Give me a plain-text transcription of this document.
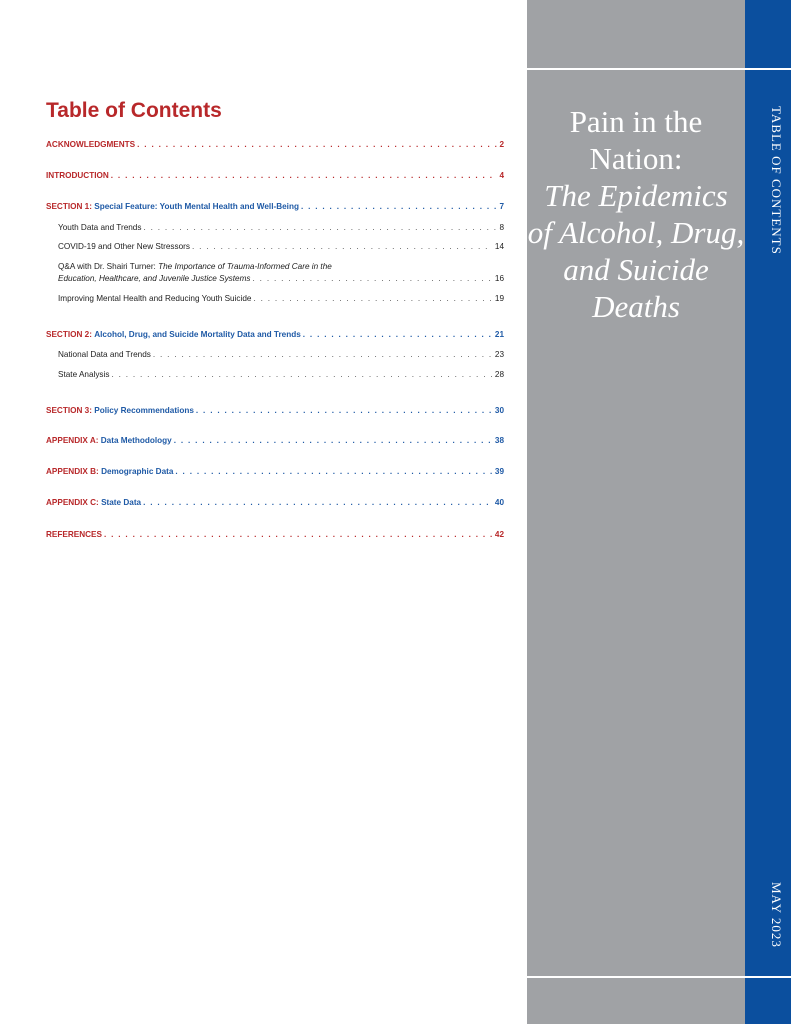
Pain in the
Nation:
The Epidemics
of Alcohol, Drug,
and Suicide Deaths
TABLE OF CONTENTS
MAY 2023
Table of Contents
ACKNOWLEDGMENTS . . .	2
INTRODUCTION . . .	4
SECTION 1:
Special Feature: Youth Mental Health and Well-Being . . .	7
Youth Data and Trends . . .	8
COVID-19 and Other New Stressors . . .	14
Q&A with Dr. Shairi Turner: The Importance of Trauma-Informed Care in the
Education, Healthcare, and Juvenile Justice Systems . . .	16
Improving Mental Health and Reducing Youth Suicide . . .	19
SECTION 2:
Alcohol, Drug, and Suicide Mortality Data and Trends . . .	21
National Data and Trends . . .	23
State Analysis . . .	28
SECTION 3:
Policy Recommendations . . .	30
APPENDIX A:
Data Methodology . . .	38
APPENDIX B:
Demographic Data . . .	39
APPENDIX C:
State Data . . .	40
REFERENCES . . .	42
